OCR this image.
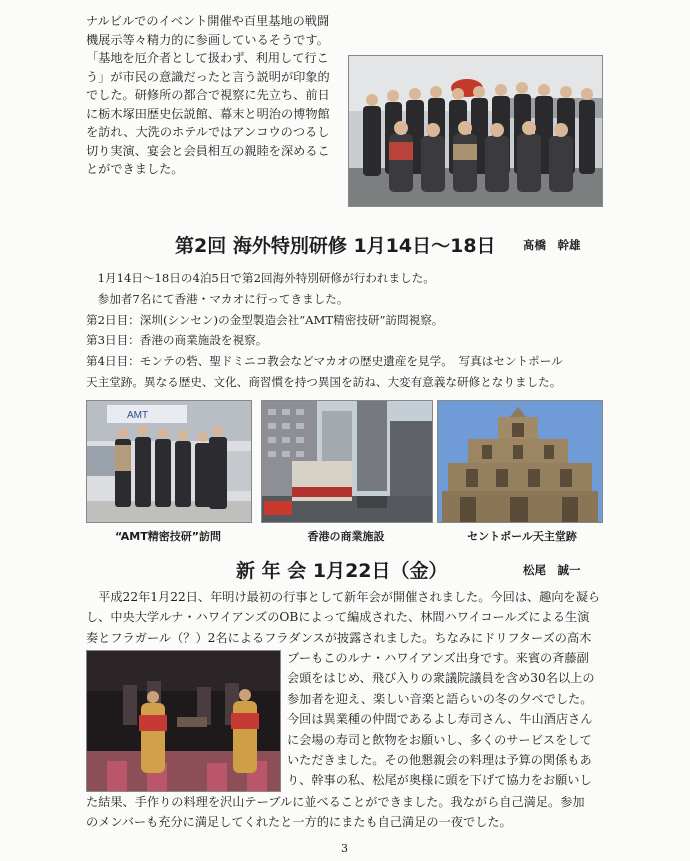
ナルビルでのイベント開催や百里基地の戦闘
機展示等々精力的に参画しているそうです。
「基地を厄介者として扱わず、利用して行こ
う」が市民の意識だったと言う説明が印象的
でした。研修所の都合で視察に先立ち、前日
に栃木塚田歴史伝説館、幕末と明治の博物館
を訪れ、大洗のホテルではアンコウのつるし
切り実演、宴会と会員相互の親睦を深めるこ
とができました。
第2回 海外特別研修 1月14日～18日 髙橋　幹雄
　1月14日～18日の4泊5日で第2回海外特別研修が行われました。
　参加者7名にて香港・マカオに行ってきました。
第2日目：深圳(シンセン)の金型製造会社“AMT精密技研”訪問視察。
第3日目：香港の商業施設を視察。
第4日目：モンテの砦、聖ドミニコ教会などマカオの歴史遺産を見学。　写真はセントポール
天主堂跡。異なる歴史、文化、商習慣を持つ異国を訪ね、大変有意義な研修となりました。
AMT
“AMT精密技研”訪問	香港の商業施設	セントポール天主堂跡
新 年 会 1月22日（金）	松尾　誠一
　平成22年1月22日、年明け最初の行事として新年会が開催されました。今回は、趣向を凝ら
し、中央大学ルナ・ハワイアンズのOBによって編成された、林間ハワイコールズによる生演
奏とフラガール（？）2名によるフラダンスが披露されました。ちなみにドリフターズの高木
ブーもこのルナ・ハワイアンズ出身です。来賓の斉藤副
会頭をはじめ、飛び入りの衆議院議員を含め30名以上の
参加者を迎え、楽しい音楽と語らいの冬の夕べでした。
今回は異業種の仲間であるよし寿司さん、牛山酒店さん
に会場の寿司と飲物をお願いし、多くのサービスをして
いただきました。その他懇親会の料理は予算の関係もあ
り、幹事の私、松尾が奥様に頭を下げて協力をお願いし
た結果、手作りの料理を沢山テーブルに並べることができました。我ながら自己満足。参加
のメンバーも充分に満足してくれたと一方的にまたも自己満足の一夜でした。
3
